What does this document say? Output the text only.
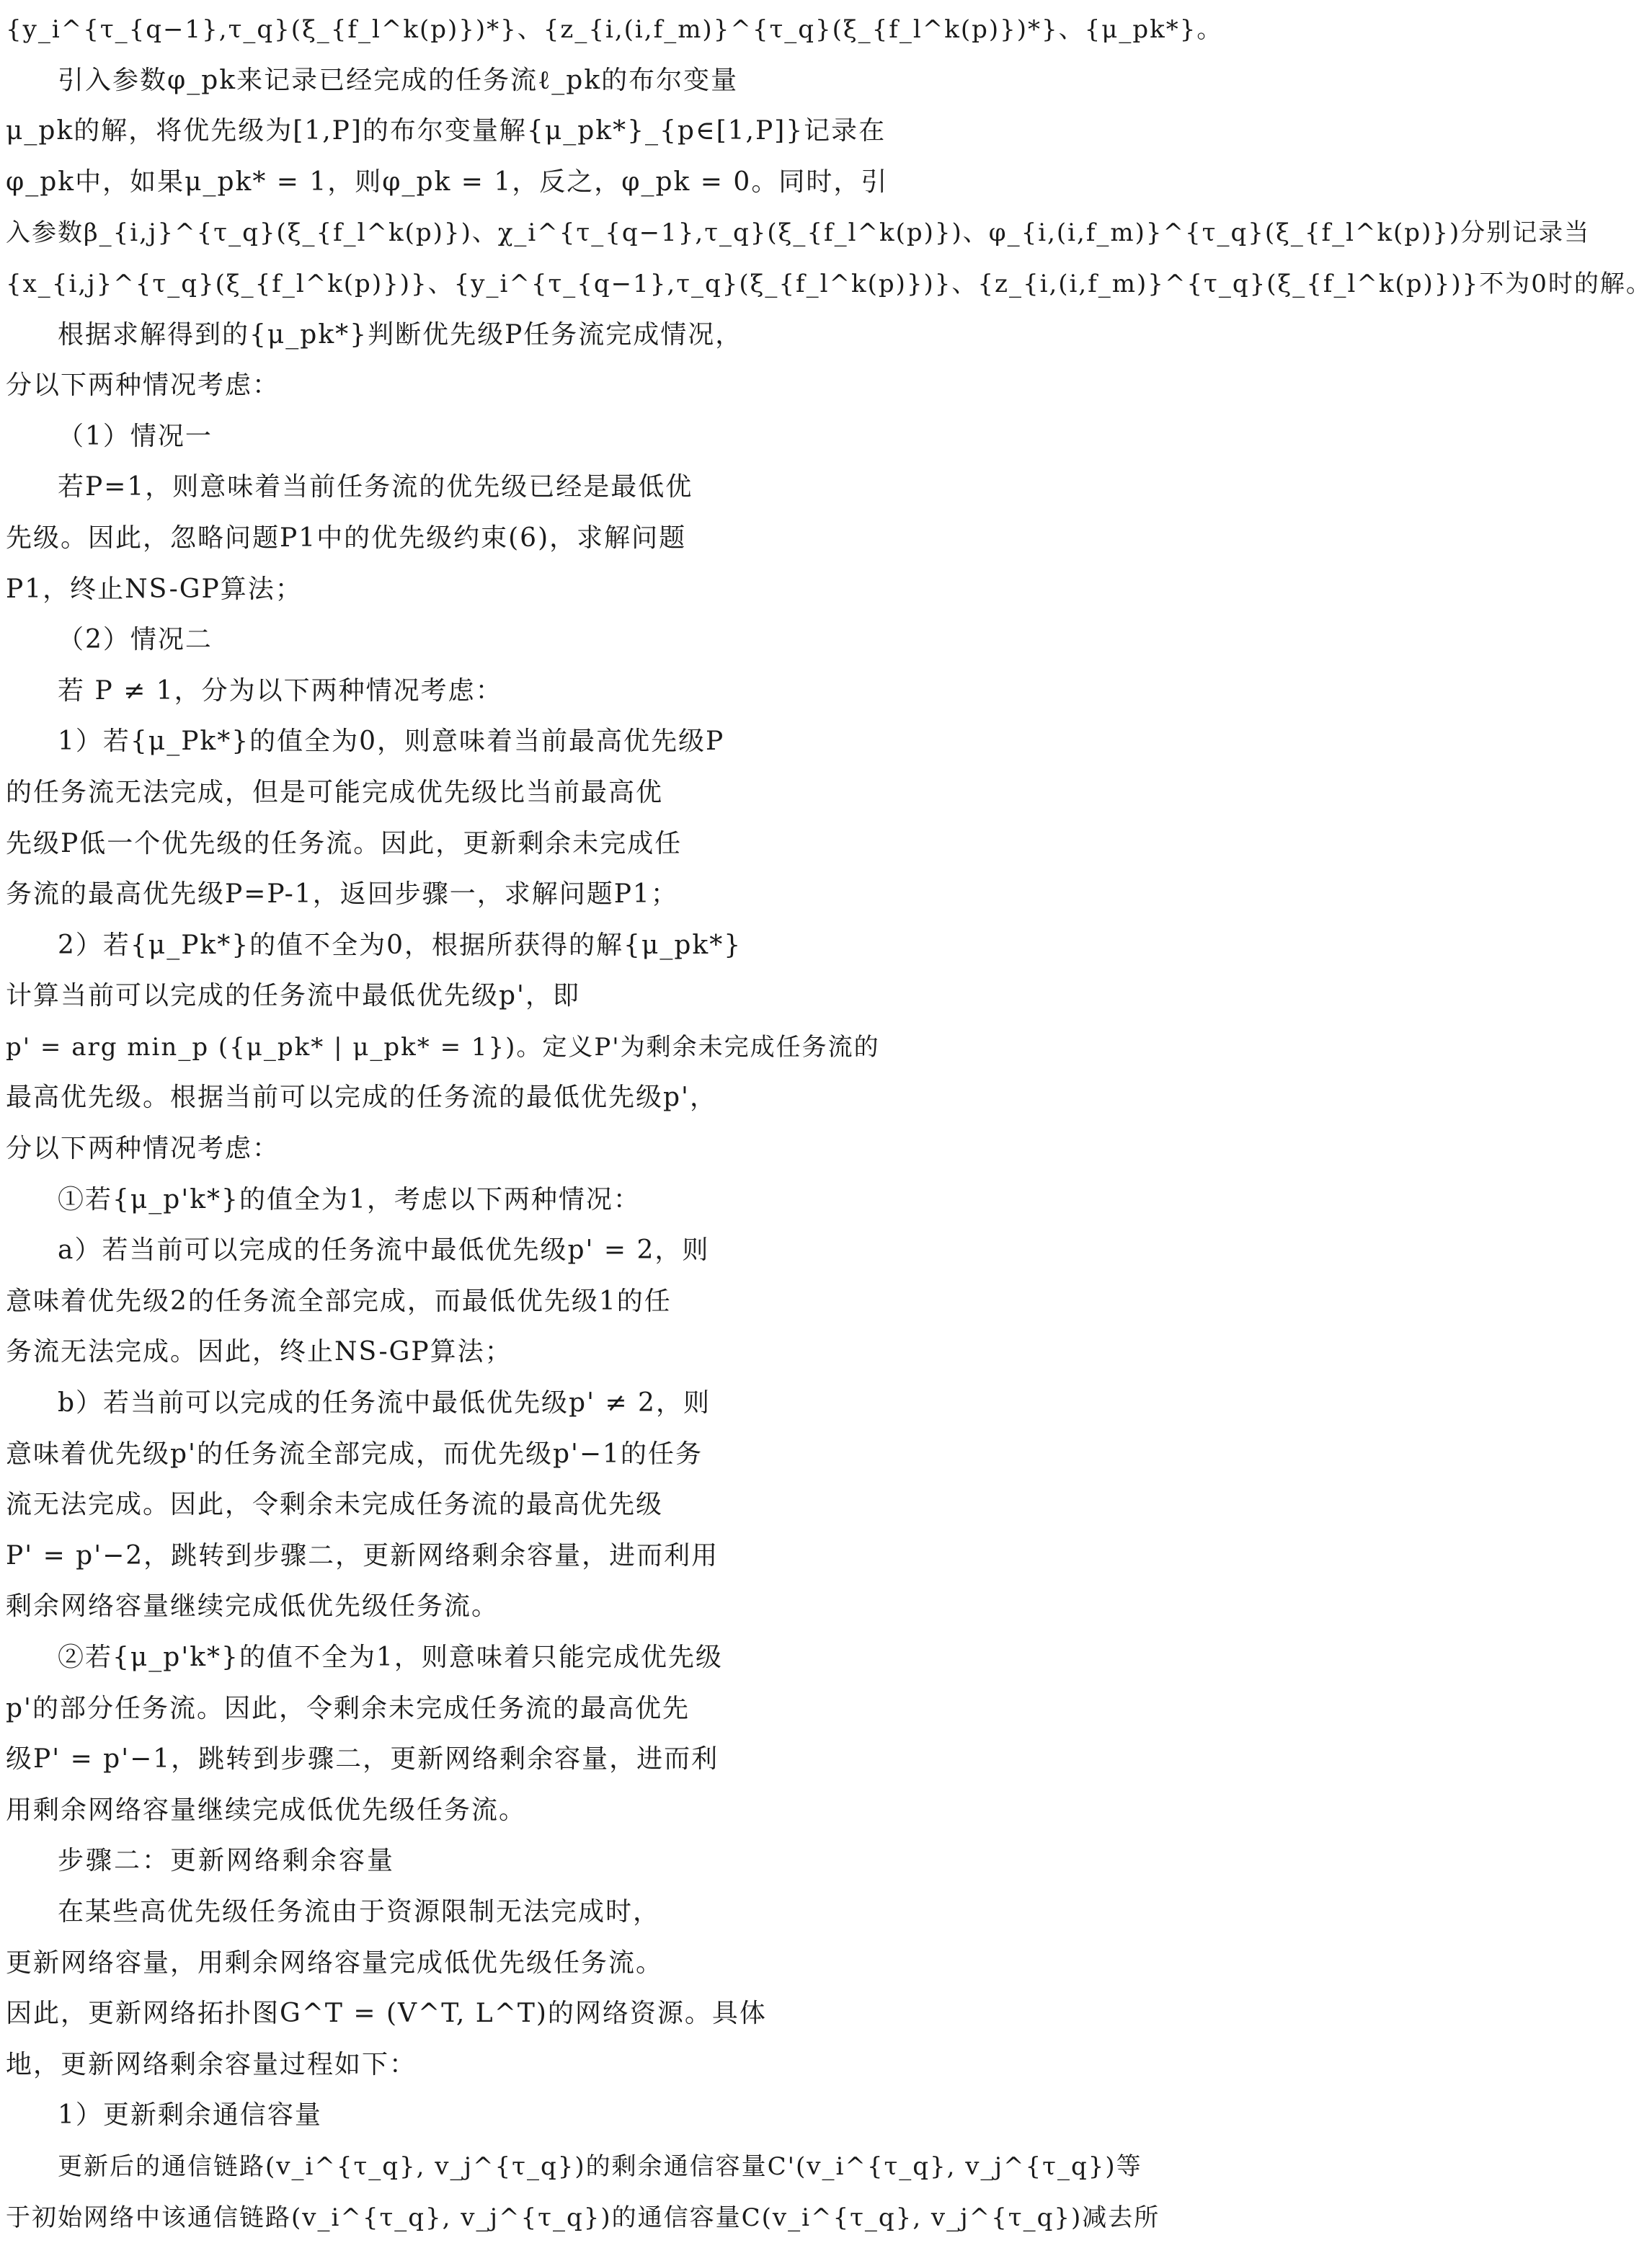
{y_i^{τ_{q−1},τ_q}(ξ_{f_l^k(p)})*}、{z_{i,(i,f_m)}^{τ_q}(ξ_{f_l^k(p)})*}、{μ_pk*}。
引入参数φ_pk来记录已经完成的任务流ℓ_pk的布尔变量
μ_pk的解，将优先级为[1,P]的布尔变量解{μ_pk*}_{p∈[1,P]}记录在
φ_pk中，如果μ_pk* = 1，则φ_pk = 1，反之，φ_pk = 0。同时，引
入参数β_{i,j}^{τ_q}(ξ_{f_l^k(p)})、χ_i^{τ_{q−1},τ_q}(ξ_{f_l^k(p)})、φ_{i,(i,f_m)}^{τ_q}(ξ_{f_l^k(p)})分别记录当
{x_{i,j}^{τ_q}(ξ_{f_l^k(p)})}、{y_i^{τ_{q−1},τ_q}(ξ_{f_l^k(p)})}、{z_{i,(i,f_m)}^{τ_q}(ξ_{f_l^k(p)})}不为0时的解。
根据求解得到的{μ_pk*}判断优先级P任务流完成情况，
分以下两种情况考虑：
（1）情况一
若P=1，则意味着当前任务流的优先级已经是最低优
先级。因此，忽略问题P1中的优先级约束(6)，求解问题
P1，终止NS-GP算法；
（2）情况二
若 P ≠ 1，分为以下两种情况考虑：
1）若{μ_Pk*}的值全为0，则意味着当前最高优先级P
的任务流无法完成，但是可能完成优先级比当前最高优
先级P低一个优先级的任务流。因此，更新剩余未完成任
务流的最高优先级P=P-1，返回步骤一，求解问题P1；
2）若{μ_Pk*}的值不全为0，根据所获得的解{μ_pk*}
计算当前可以完成的任务流中最低优先级p'，即
p' = arg min_p ({μ_pk* | μ_pk* = 1})。定义P'为剩余未完成任务流的
最高优先级。根据当前可以完成的任务流的最低优先级p'，
分以下两种情况考虑：
①若{μ_p'k*}的值全为1，考虑以下两种情况：
a）若当前可以完成的任务流中最低优先级p' = 2，则
意味着优先级2的任务流全部完成，而最低优先级1的任
务流无法完成。因此，终止NS-GP算法；
b）若当前可以完成的任务流中最低优先级p' ≠ 2，则
意味着优先级p'的任务流全部完成，而优先级p'−1的任务
流无法完成。因此，令剩余未完成任务流的最高优先级
P' = p'−2，跳转到步骤二，更新网络剩余容量，进而利用
剩余网络容量继续完成低优先级任务流。
②若{μ_p'k*}的值不全为1，则意味着只能完成优先级
p'的部分任务流。因此，令剩余未完成任务流的最高优先
级P' = p'−1，跳转到步骤二，更新网络剩余容量，进而利
用剩余网络容量继续完成低优先级任务流。
步骤二：更新网络剩余容量
在某些高优先级任务流由于资源限制无法完成时，
更新网络容量，用剩余网络容量完成低优先级任务流。
因此，更新网络拓扑图G^T = (V^T, L^T)的网络资源。具体
地，更新网络剩余容量过程如下：
1）更新剩余通信容量
更新后的通信链路(v_i^{τ_q}, v_j^{τ_q})的剩余通信容量C'(v_i^{τ_q}, v_j^{τ_q})等
于初始网络中该通信链路(v_i^{τ_q}, v_j^{τ_q})的通信容量C(v_i^{τ_q}, v_j^{τ_q})减去所
